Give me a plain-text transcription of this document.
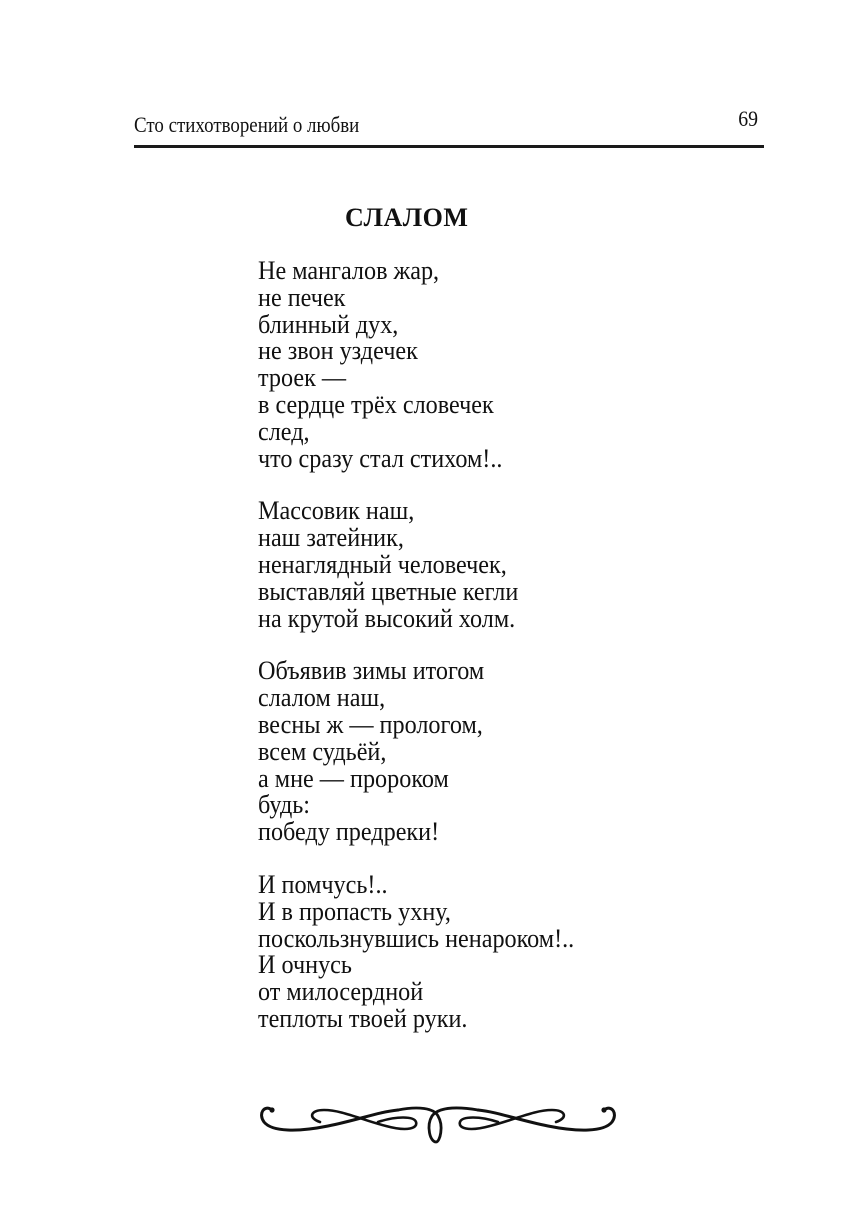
Сто стихотворений о любви	69
СЛАЛОМ
Не мангалов жар,
не печек
блинный дух,
не звон уздечек
троек —
в сердце трёх словечек
след,
что сразу стал стихом!..
Массовик наш,
наш затейник,
ненаглядный человечек,
выставляй цветные кегли
на крутой высокий холм.
Объявив зимы итогом
слалом наш,
весны ж — прологом,
всем судьёй,
а мне — пророком
будь:
победу предреки!
И помчусь!..
И в пропасть ухну,
поскользнувшись ненароком!..
И очнусь
от милосердной
теплоты твоей руки.
